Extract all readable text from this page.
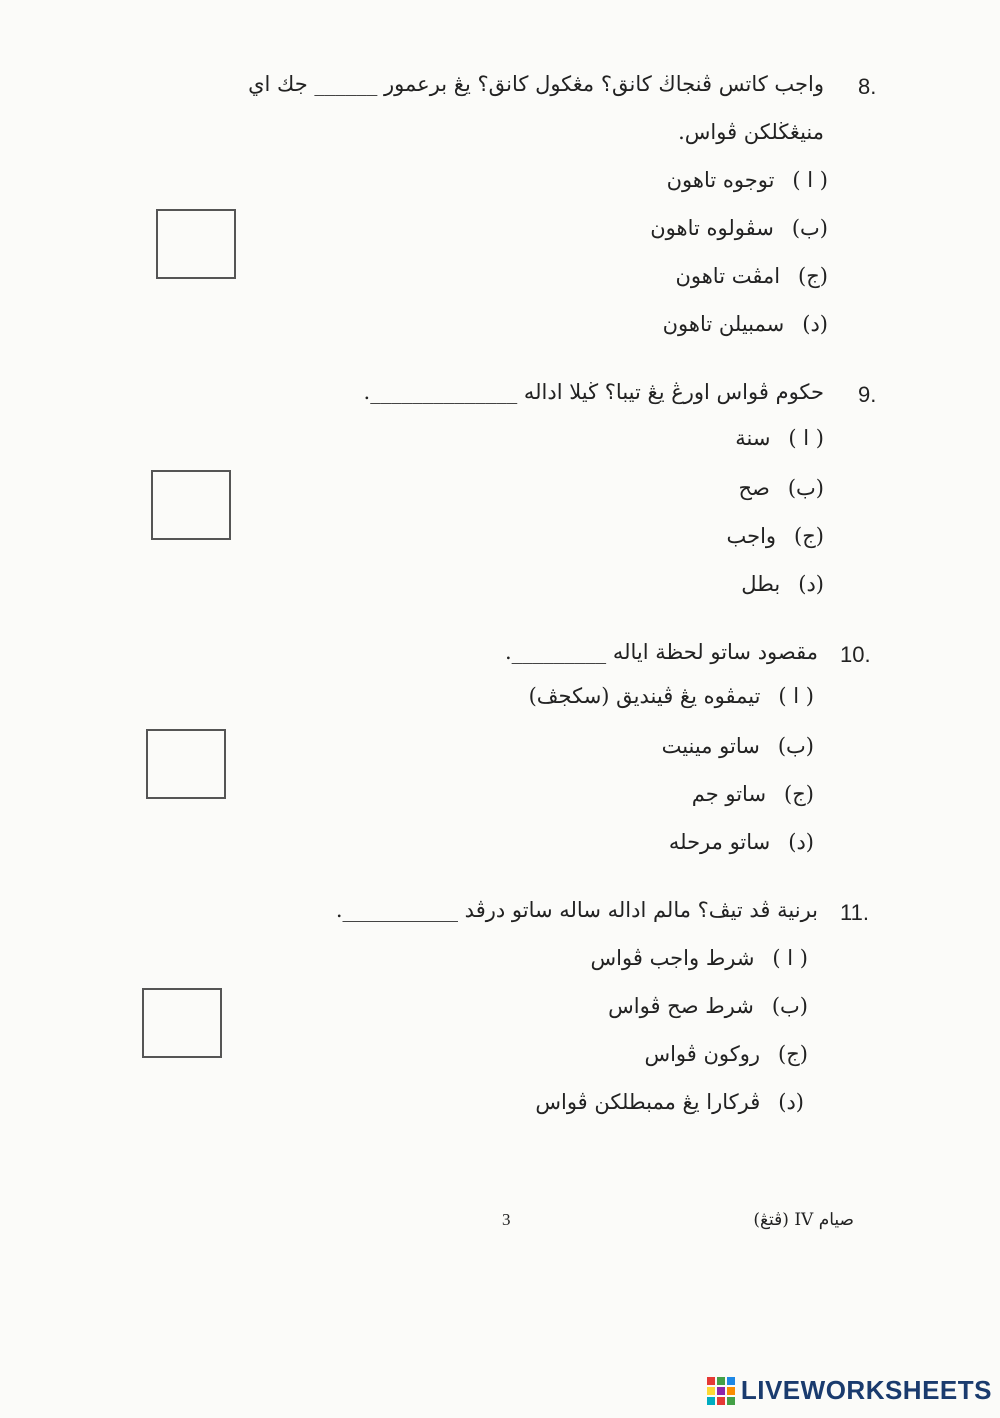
8.
واجب كاتس ڤنجاڬ كانق؟ مڠكول كانق؟ يڠ برعمور ______ جك اي
منيڠڬلكن ڤواس.
( ا )توجوه تاهون
(ب)سڤولوه تاهون
(ج)امڤت تاهون
(د)سمبيلن تاهون
9.
حكوم ڤواس اورڠ يڠ تيبا؟ ڬيلا اداله ______________.
( ا )سنة
(ب)صح
(ج)واجب
(د)بطل
10.
مقصود ساتو لحظة اياله _________.
( ا )تيمڤوه يڠ ڤينديق (سكجڤ)
(ب)ساتو مينيت
(ج)ساتو جم
(د)ساتو مرحله
11.
برنية ڤد تيڤ؟ مالم اداله ساله ساتو درڤد ___________.
( ا )شرط واجب ڤواس
(ب)شرط صح ڤواس
(ج)روكون ڤواس
(د)ڤركارا يڠ ممبطلكن ڤواس
3	صيام IV (ڤتڠ)
LIVEWORKSHEETS
